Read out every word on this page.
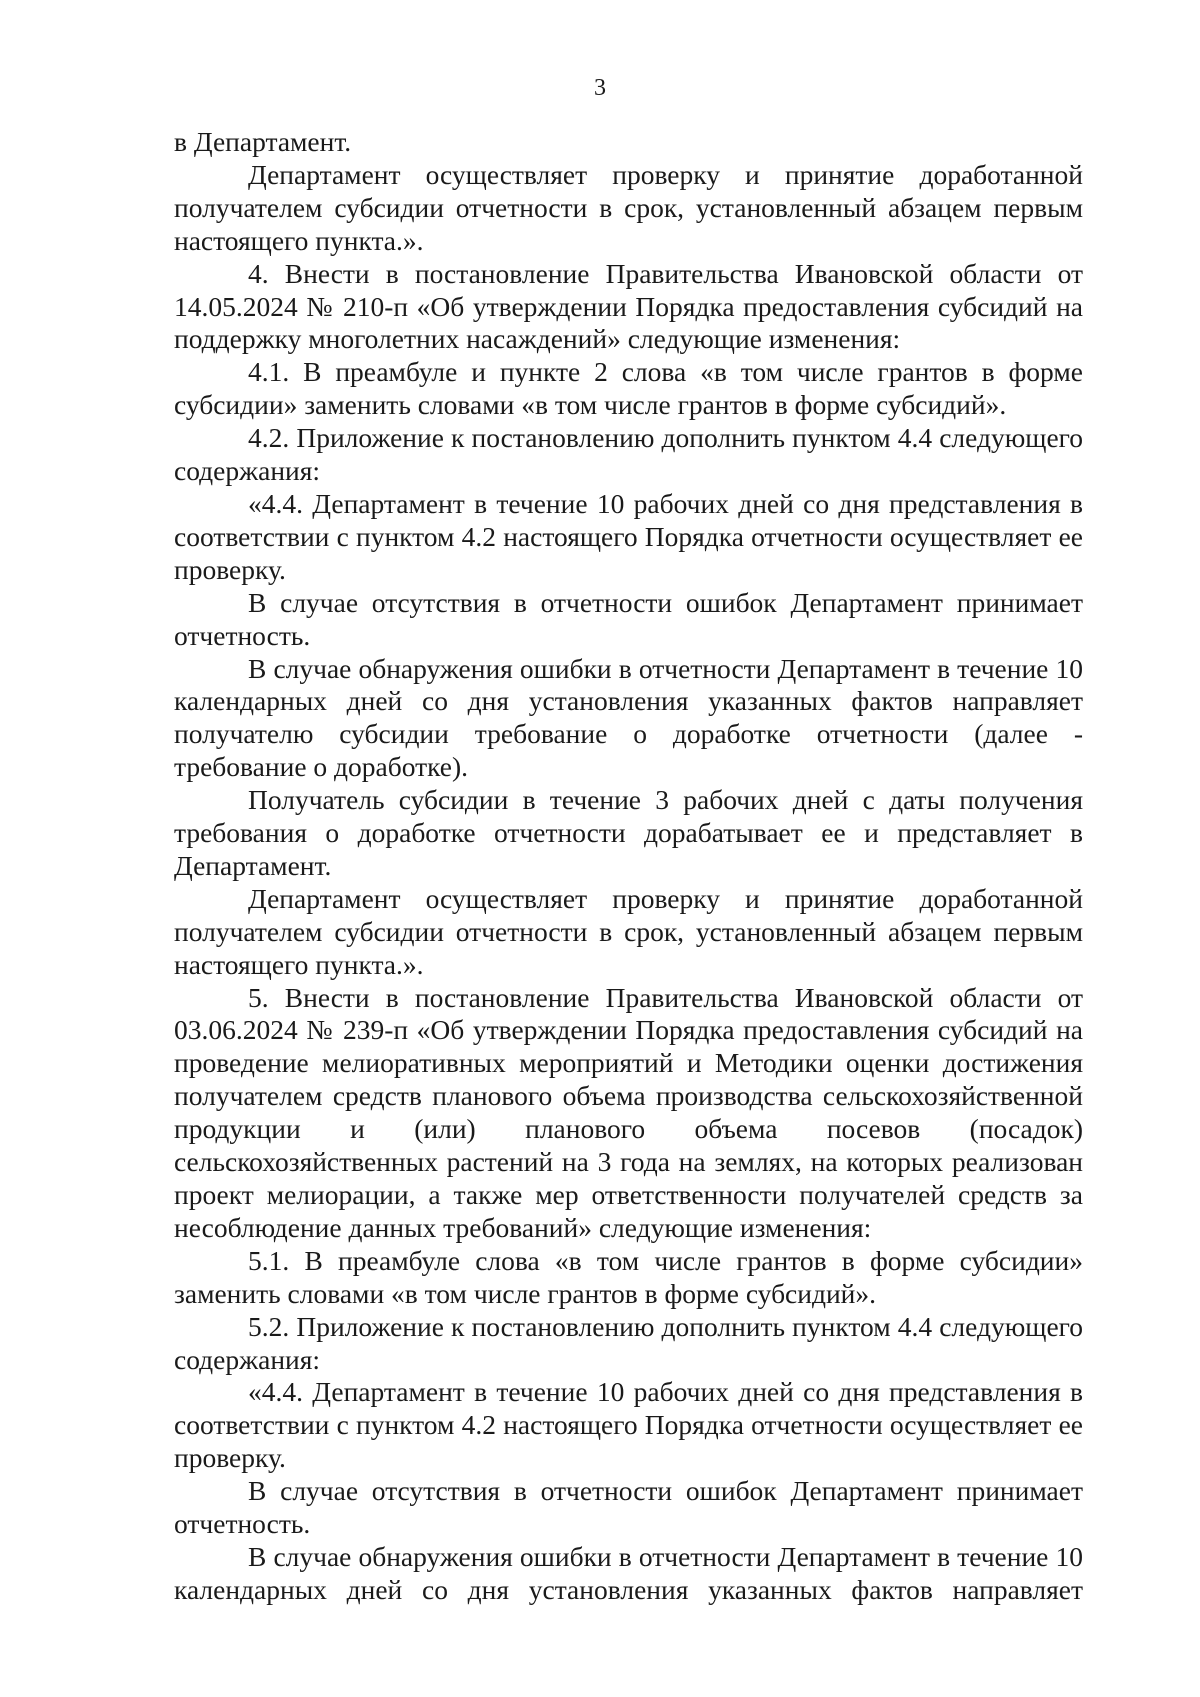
3

в Департамент.

Департамент осуществляет проверку и принятие доработанной получателем субсидии отчетности в срок, установленный абзацем первым настоящего пункта.».

4. Внести в постановление Правительства Ивановской области от 14.05.2024 № 210-п «Об утверждении Порядка предоставления субсидий на поддержку многолетних насаждений» следующие изменения:

4.1. В преамбуле и пункте 2 слова «в том числе грантов в форме субсидии» заменить словами «в том числе грантов в форме субсидий».

4.2. Приложение к постановлению дополнить пунктом 4.4 следующего содержания:

«4.4. Департамент в течение 10 рабочих дней со дня представления в соответствии с пунктом 4.2 настоящего Порядка отчетности осуществляет ее проверку.

В случае отсутствия в отчетности ошибок Департамент принимает отчетность.

В случае обнаружения ошибки в отчетности Департамент в течение 10 календарных дней со дня установления указанных фактов направляет получателю субсидии требование о доработке отчетности (далее - требование о доработке).

Получатель субсидии в течение 3 рабочих дней с даты получения требования о доработке отчетности дорабатывает ее и представляет в Департамент.

Департамент осуществляет проверку и принятие доработанной получателем субсидии отчетности в срок, установленный абзацем первым настоящего пункта.».

5. Внести в постановление Правительства Ивановской области от 03.06.2024 № 239-п «Об утверждении Порядка предоставления субсидий на проведение мелиоративных мероприятий и Методики оценки достижения получателем средств планового объема производства сельскохозяйственной продукции и (или) планового объема посевов (посадок) сельскохозяйственных растений на 3 года на землях, на которых реализован проект мелиорации, а также мер ответственности получателей средств за несоблюдение данных требований» следующие изменения:

5.1. В преамбуле слова «в том числе грантов в форме субсидии» заменить словами «в том числе грантов в форме субсидий».

5.2. Приложение к постановлению дополнить пунктом 4.4 следующего содержания:

«4.4. Департамент в течение 10 рабочих дней со дня представления в соответствии с пунктом 4.2 настоящего Порядка отчетности осуществляет ее проверку.

В случае отсутствия в отчетности ошибок Департамент принимает отчетность.

В случае обнаружения ошибки в отчетности Департамент в течение 10 календарных дней со дня установления указанных фактов направляет
